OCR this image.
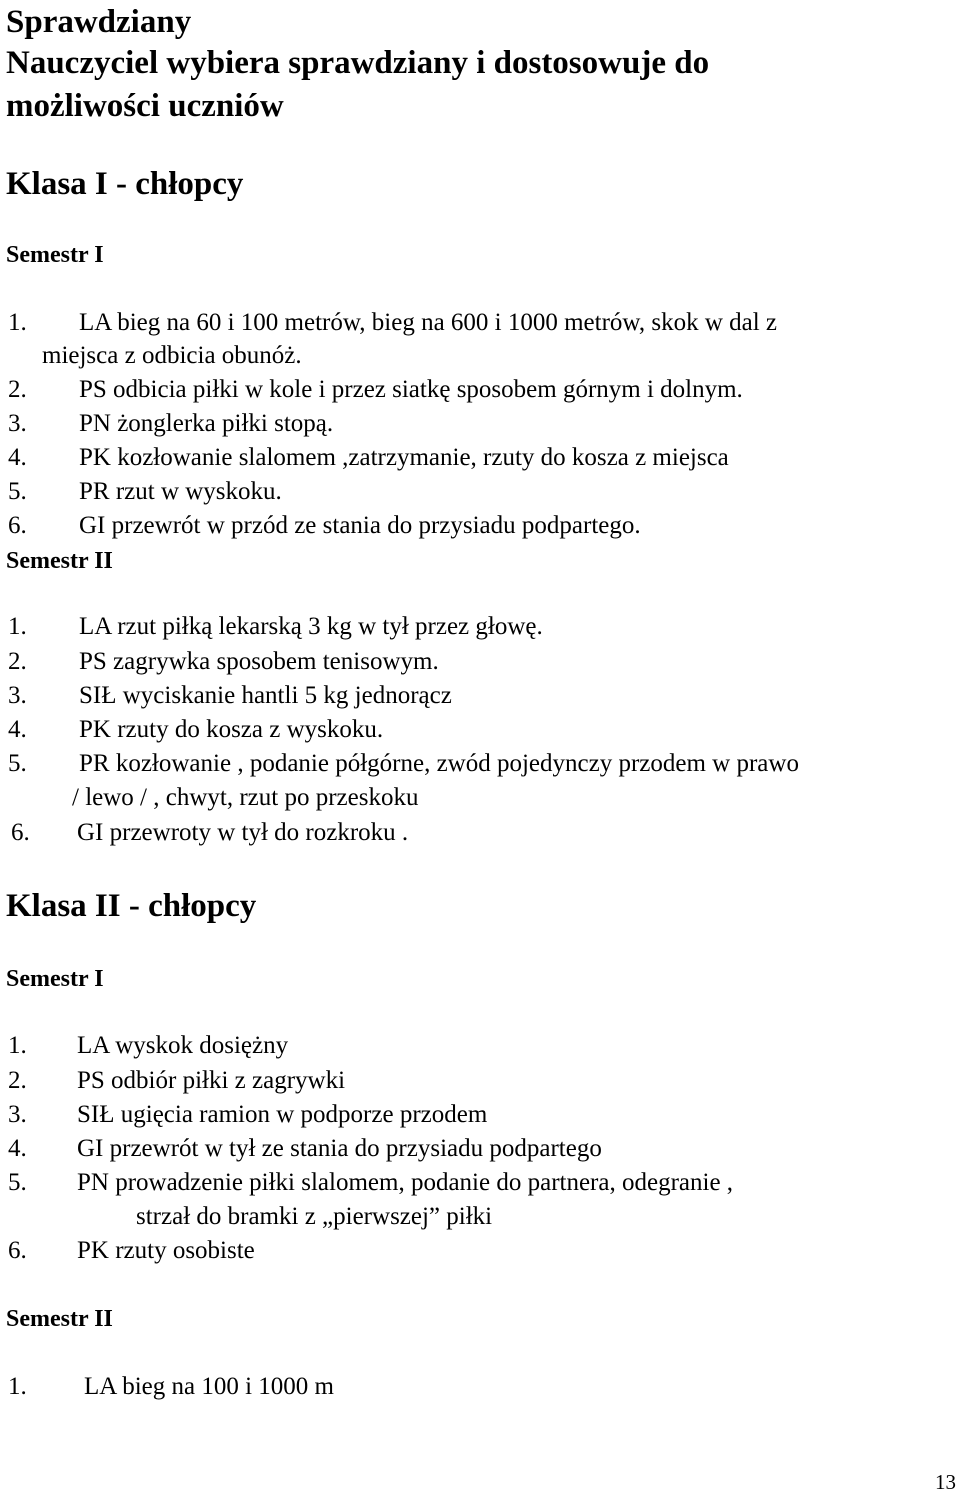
Sprawdziany
Nauczyciel wybiera sprawdziany i dostosowuje do
możliwości uczniów
Klasa I - chłopcy
Semestr I
1. LA bieg na 60 i 100 metrów, bieg na 600 i 1000 metrów, skok w dal z
miejsca z odbicia obunóż.
2. PS odbicia piłki w kole i przez siatkę sposobem górnym i dolnym.
3. PN żonglerka piłki stopą.
4. PK kozłowanie slalomem ,zatrzymanie, rzuty do kosza z miejsca
5. PR rzut w wyskoku.
6. GI przewrót w przód ze stania do przysiadu podpartego.
Semestr II
1. LA rzut piłką lekarską 3 kg w tył przez głowę.
2. PS zagrywka sposobem tenisowym.
3. SIŁ wyciskanie hantli 5 kg jednorącz
4. PK rzuty do kosza z wyskoku.
5. PR kozłowanie , podanie półgórne, zwód pojedynczy przodem w prawo
/ lewo / , chwyt, rzut po przeskoku
6. GI przewroty w tył do rozkroku .
Klasa II - chłopcy
Semestr I
1. LA wyskok dosiężny
2. PS odbiór piłki z zagrywki
3. SIŁ ugięcia ramion w podporze przodem
4. GI przewrót w tył ze stania do przysiadu podpartego
5. PN prowadzenie piłki slalomem, podanie do partnera, odegranie ,
strzał do bramki z „pierwszej” piłki
6. PK rzuty osobiste
Semestr II
1. LA bieg na 100 i 1000 m
13
